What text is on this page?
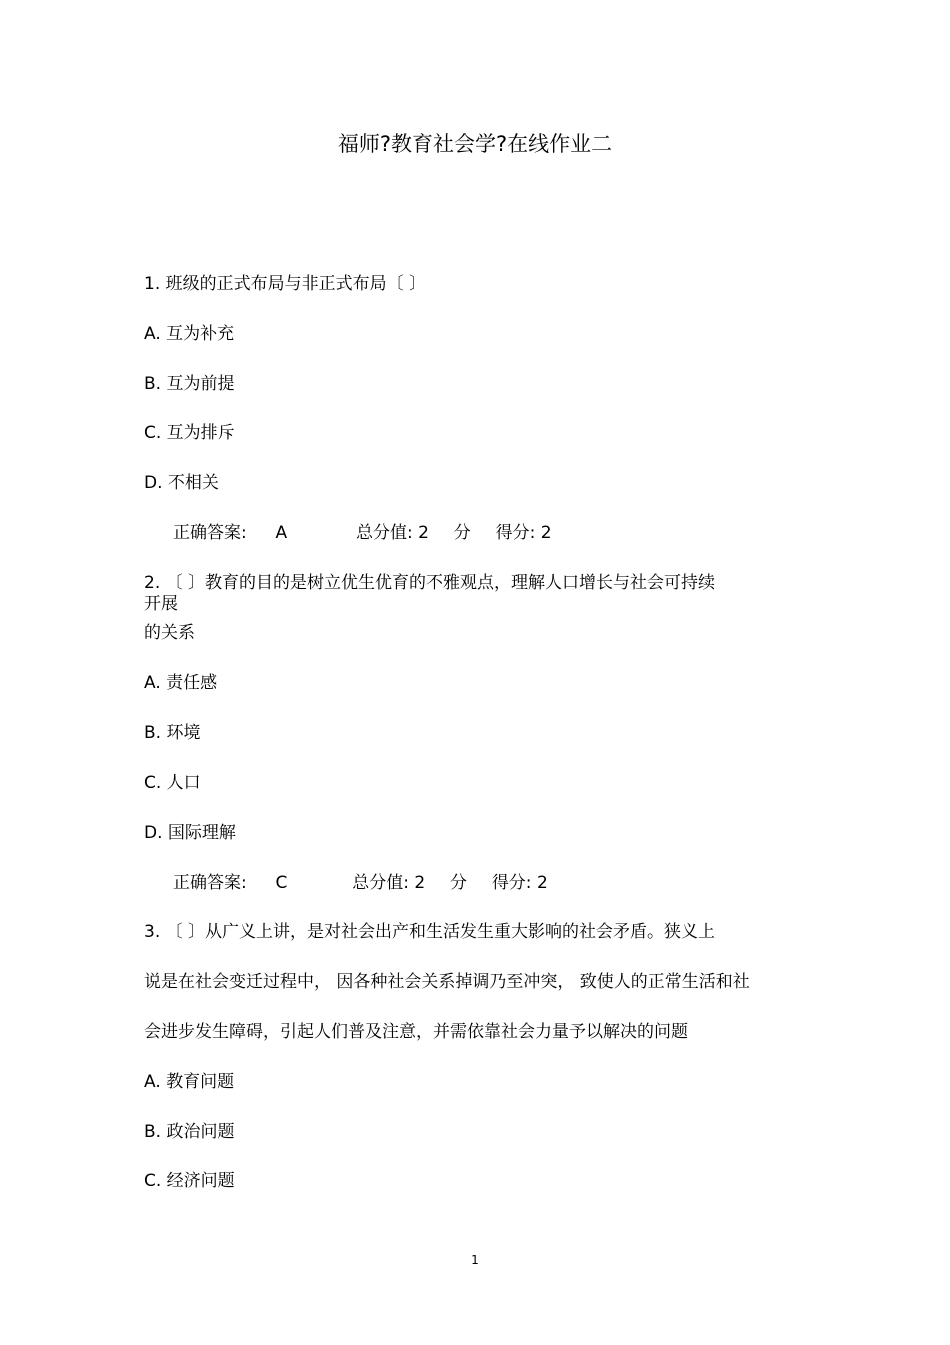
福师?教育社会学?在线作业二
1. 班级的正式布局与非正式布局〔 〕
A. 互为补充
B. 互为前提
C. 互为排斥
D. 不相关
正确答案: A	总分值: 2 分 得分: 2
2. 〔 〕教育的目的是树立优生优育的不雅观点，理解人口增长与社会可持续
开展
的关系
A. 责任感
B. 环境
C. 人口
D. 国际理解
正确答案: C	总分值: 2 分 得分: 2
3. 〔 〕从广义上讲，是对社会出产和生活发生重大影响的社会矛盾。狭义上
说是在社会变迁过程中， 因各种社会关系掉调乃至冲突， 致使人的正常生活和社
会进步发生障碍，引起人们普及注意，并需依靠社会力量予以解决的问题
A. 教育问题
B. 政治问题
C. 经济问题
1
